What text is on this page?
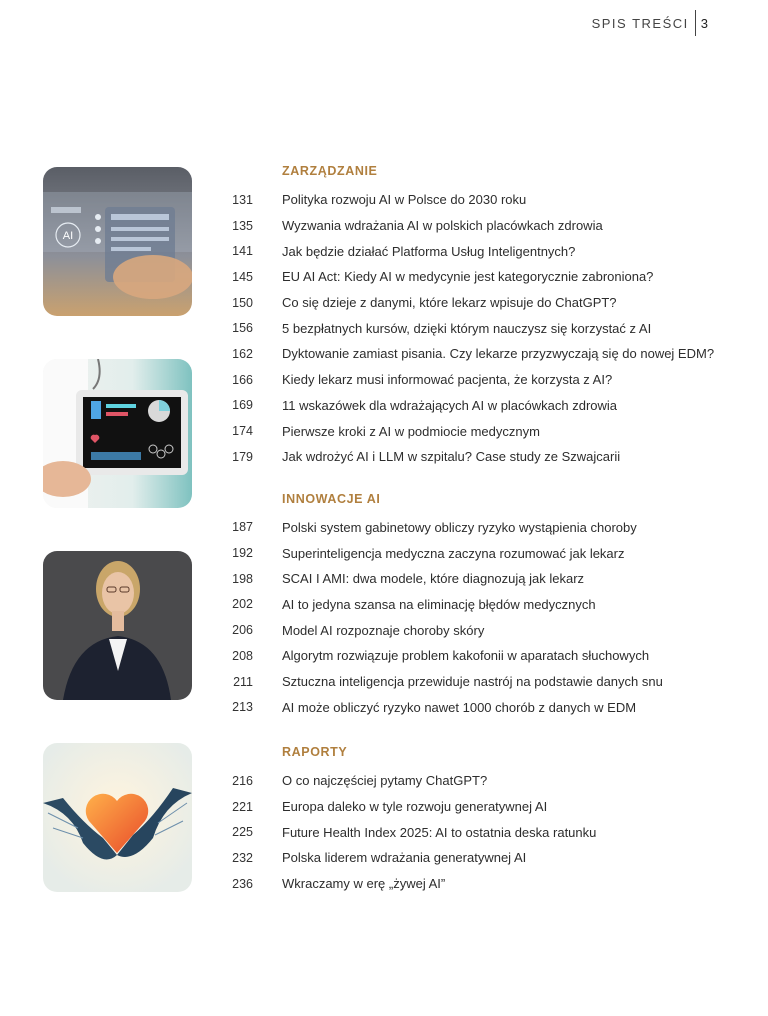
SPIS TREŚCI 3
AI
ZARZĄDZANIE
131 Polityka rozwoju AI w Polsce do 2030 roku
135 Wyzwania wdrażania AI w polskich placówkach zdrowia
141 Jak będzie działać Platforma Usług Inteligentnych?
145 EU AI Act: Kiedy AI w medycynie jest kategorycznie zabroniona?
150 Co się dzieje z danymi, które lekarz wpisuje do ChatGPT?
156 5 bezpłatnych kursów, dzięki którym nauczysz się korzystać z AI
162 Dyktowanie zamiast pisania. Czy lekarze przyzwyczają się do nowej EDM?
166 Kiedy lekarz musi informować pacjenta, że korzysta z AI?
169 11 wskazówek dla wdrażających AI w placówkach zdrowia
174 Pierwsze kroki z AI w podmiocie medycznym
179 Jak wdrożyć AI i LLM w szpitalu? Case study ze Szwajcarii
INNOWACJE AI
187 Polski system gabinetowy obliczy ryzyko wystąpienia choroby
192 Superinteligencja medyczna zaczyna rozumować jak lekarz
198 SCAI I AMI: dwa modele, które diagnozują jak lekarz
202 AI to jedyna szansa na eliminację błędów medycznych
206 Model AI rozpoznaje choroby skóry
208 Algorytm rozwiązuje problem kakofonii w aparatach słuchowych
211 Sztuczna inteligencja przewiduje nastrój na podstawie danych snu
213 AI może obliczyć ryzyko nawet 1000 chorób z danych w EDM
RAPORTY
216 O co najczęściej pytamy ChatGPT?
221 Europa daleko w tyle rozwoju generatywnej AI
225 Future Health Index 2025: AI to ostatnia deska ratunku
232 Polska liderem wdrażania generatywnej AI
236 Wkraczamy w erę „żywej AI”
